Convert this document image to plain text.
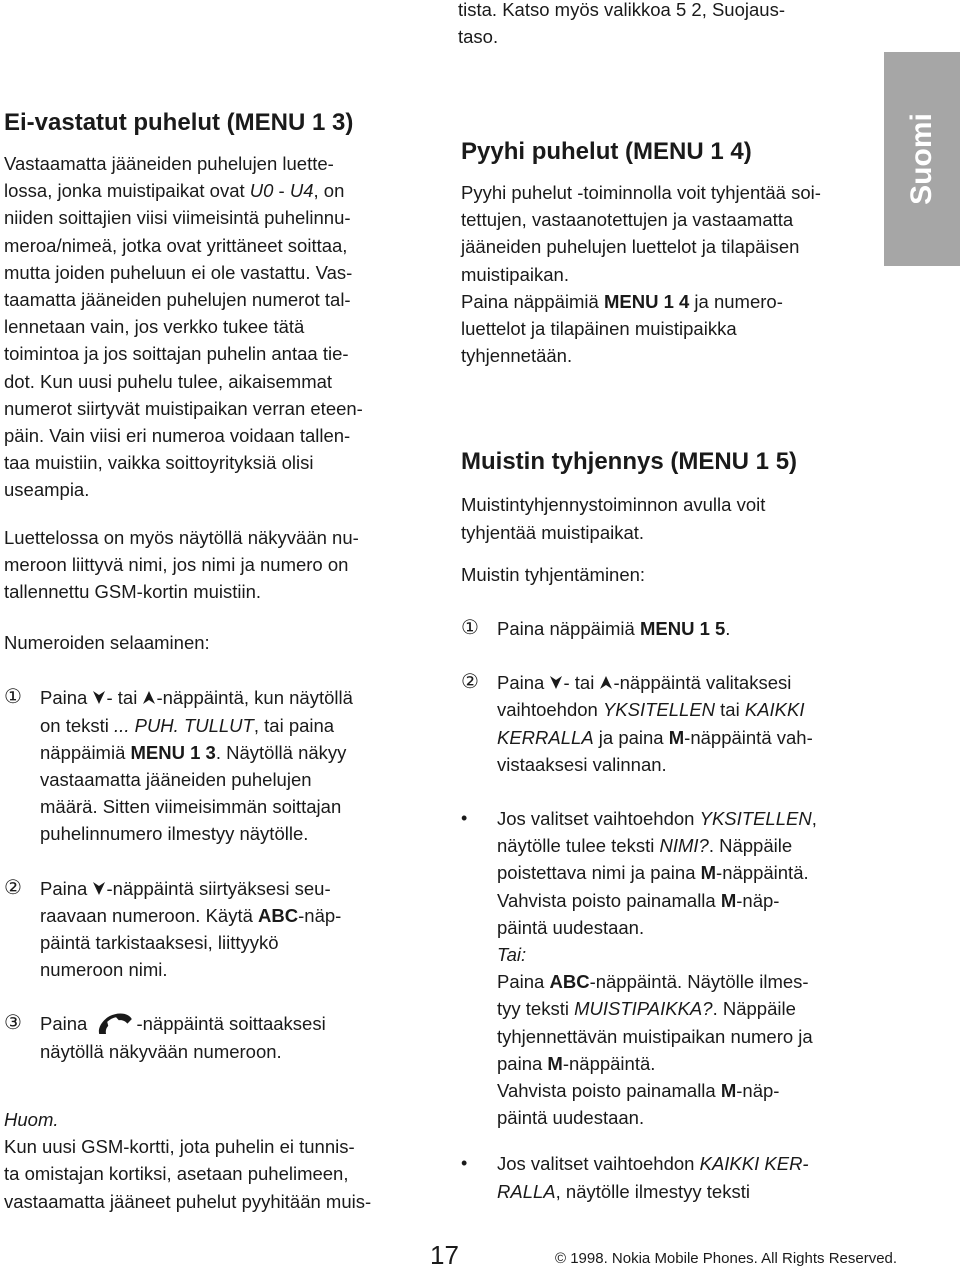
tista. Katso myös valikkoa 5 2, Suojaus-
taso.
Ei-vastatut puhelut (MENU 1 3)
Vastaamatta jääneiden puhelujen luette-
lossa, jonka muistipaikat ovat U0 - U4, on
niiden soittajien viisi viimeisintä puhelinnu-
meroa/nimeä, jotka ovat yrittäneet soittaa,
mutta joiden puheluun ei ole vastattu. Vas-
taamatta jääneiden puhelujen numerot tal-
lennetaan vain, jos verkko tukee tätä
toimintoa ja jos soittajan puhelin antaa tie-
dot. Kun uusi puhelu tulee, aikaisemmat
numerot siirtyvät muistipaikan verran eteen-
päin. Vain viisi eri numeroa voidaan tallen-
taa muistiin, vaikka soittoyrityksiä olisi
useampia.
Luettelossa on myös näytöllä näkyvään nu-
meroon liittyvä nimi, jos nimi ja numero on
tallennettu GSM-kortin muistiin.
Numeroiden selaaminen:
① Paina - tai -näppäintä, kun näytöllä
on teksti ... PUH. TULLUT, tai paina
näppäimiä MENU 1 3. Näytöllä näkyy
vastaamatta jääneiden puhelujen
määrä. Sitten viimeisimmän soittajan
puhelinnumero ilmestyy näytölle.
② Paina -näppäintä siirtyäksesi seu-
raavaan numeroon. Käytä ABC-näp-
päintä tarkistaaksesi, liittyykö
numeroon nimi.
③ Paina -näppäintä soittaaksesi
näytöllä näkyvään numeroon.
Huom.
Kun uusi GSM-kortti, jota puhelin ei tunnis-
ta omistajan kortiksi, asetaan puhelimeen,
vastaamatta jääneet puhelut pyyhitään muis-
Pyyhi puhelut (MENU 1 4)
Pyyhi puhelut -toiminnolla voit tyhjentää soi-
tettujen, vastaanotettujen ja vastaamatta
jääneiden puhelujen luettelot ja tilapäisen
muistipaikan.
Paina näppäimiä MENU 1 4 ja numero-
luettelot ja tilapäinen muistipaikka
tyhjennetään.
Muistin tyhjennys (MENU 1 5)
Muistintyhjennystoiminnon avulla voit
tyhjentää muistipaikat.
Muistin tyhjentäminen:
① Paina näppäimiä MENU 1 5.
② Paina - tai -näppäintä valitaksesi
vaihtoehdon YKSITELLEN tai KAIKKI
KERRALLA ja paina M-näppäintä vah-
vistaaksesi valinnan.
• Jos valitset vaihtoehdon YKSITELLEN,
näytölle tulee teksti NIMI?. Näppäile
poistettava nimi ja paina M-näppäintä.
Vahvista poisto painamalla M-näp-
päintä uudestaan.
Tai:
Paina ABC-näppäintä. Näytölle ilmes-
tyy teksti MUISTIPAIKKA?. Näppäile
tyhjennettävän muistipaikan numero ja
paina M-näppäintä.
Vahvista poisto painamalla M-näp-
päintä uudestaan.
• Jos valitset vaihtoehdon KAIKKI KER-
RALLA, näytölle ilmestyy teksti
Suomi
17	© 1998. Nokia Mobile Phones. All Rights Reserved.
